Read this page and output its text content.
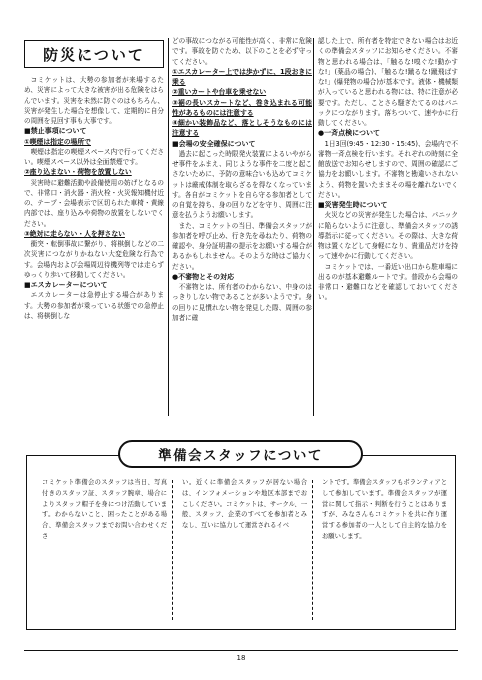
防災について

コミケットは、大勢の参加者が来場するため、災害によって大きな被害が出る危険をはらんでいます。災害を未然に防ぐのはもちろん、災害が発生した場合を想像して、定期的に自分の周囲を見回す事も大事です。

■禁止事項について

①喫煙は指定の場所で

喫煙は指定の喫煙スペース内で行ってください。喫煙スペース以外は全面禁煙です。

②座り込まない・荷物を放置しない

災害時に避難活動や設備使用の妨げとなるので、非常口・消火器・消火栓・火災報知機付近の、テープ・会場表示で区切られた車椅・黄線内部では、座り込みや荷物の放置をしないでください。

③絶対に走らない・人を押さない

衝突・転倒事故に繋がり、将棋倒しなどの二次災害につながりかねない大変危険な行為です。会場内および会場周辺待機列等では走らずゆっくり歩いて移動してください。

■エスカレーターについて

エスカレーターは急停止する場合があります。大勢の参加者が乗っている状態での急停止は、将棋倒しな

どの事故につながる可能性が高く、非常に危険です。事故を防ぐため、以下のことを必ず守ってください。

①エスカレーター上では歩かずに、1段おきに乗る

②重いカートや台車を乗せない

③裾の長いスカートなど、巻き込まれる可能性があるものには注意する

④細かい装飾品など、落としそうなものには注意する

■会場の安全確保について

過去に起こった時限発火装置によるいやがらせ事件をふまえ、同じような事件を二度と起こさないために、予防の意味合いも込めてコミケットは厳戒体制を取らざるを得なくなっています。各自がコミケットを自ら守る参加者としての自覚を持ち、身の回りなどを守り、周囲に注意を払うようお願いします。

また、コミケットの当日、準備会スタッフが参加者を呼び止め、行き先を尋ねたり、荷物の確認や、身分証明書の提示をお願いする場合があるかもしれません。そのような時はご協力ください。

●不審物とその対応

不審物とは、所有者のわからない、中身のはっきりしない物であることが多いようです。身の回りに見慣れない物を発見した際、周囲の参加者に確

認した上で、所有者を特定できない場合はお近くの準備会スタッフにお知らせください。不審物と思われる場合は、「触るな!嗅ぐな!動かすな!」(薬品の場合)、「触るな!蹴るな!蹴飛ばすな!」(爆発物の場合)が基本です。液体・機械類が入っていると思われる物には、特に注意が必要です。ただし、ことさら騒ぎたてるのはパニックにつながります。落ちついて、速やかに行動してください。

●一斉点検について

1日3回(9:45・12:30・15:45)、会場内で不審物一斉点検を行います。それぞれの時刻に全館放送でお知らせしますので、周囲の確認にご協力をお願いします。不審物と勘違いされないよう、荷物を置いたままその場を離れないでください。

■災害発生時について

火災などの災害が発生した場合は、パニックに陥らないように注意し、準備会スタッフの誘導指示に従ってください。その際は、大きな荷物は置くなどして身軽になり、貴重品だけを持って速やかに行動してください。

コミケットでは、一番近い出口から駐車場に出るのが基本避難ルートです。普段から会場の非常口・避難口などを確認しておいてください。

準備会スタッフについて

コミケット準備会のスタッフは当日、写真付きのスタッフ証、スタッフ腕章、場合によりスタッフ帽子を身につけ活動しています。わからないこと、困ったことがある場合、準備会スタッフまでお問い合わせくださ

い。近くに準備会スタッフが居ない場合は、インフォメーションや地区本部までおこしください。コミケットは、サークル、一般、スタッフ、企業のすべてを参加者とみなし、互いに協力して運営されるイベ

ントです。準備会スタッフもボランティアとして参加しています。準備会スタッフが運営に関して指示・判断を行うことはありますが、みなさんもコミケットを共に作り運営する参加者の一人として自主的な協力をお願いします。

18
